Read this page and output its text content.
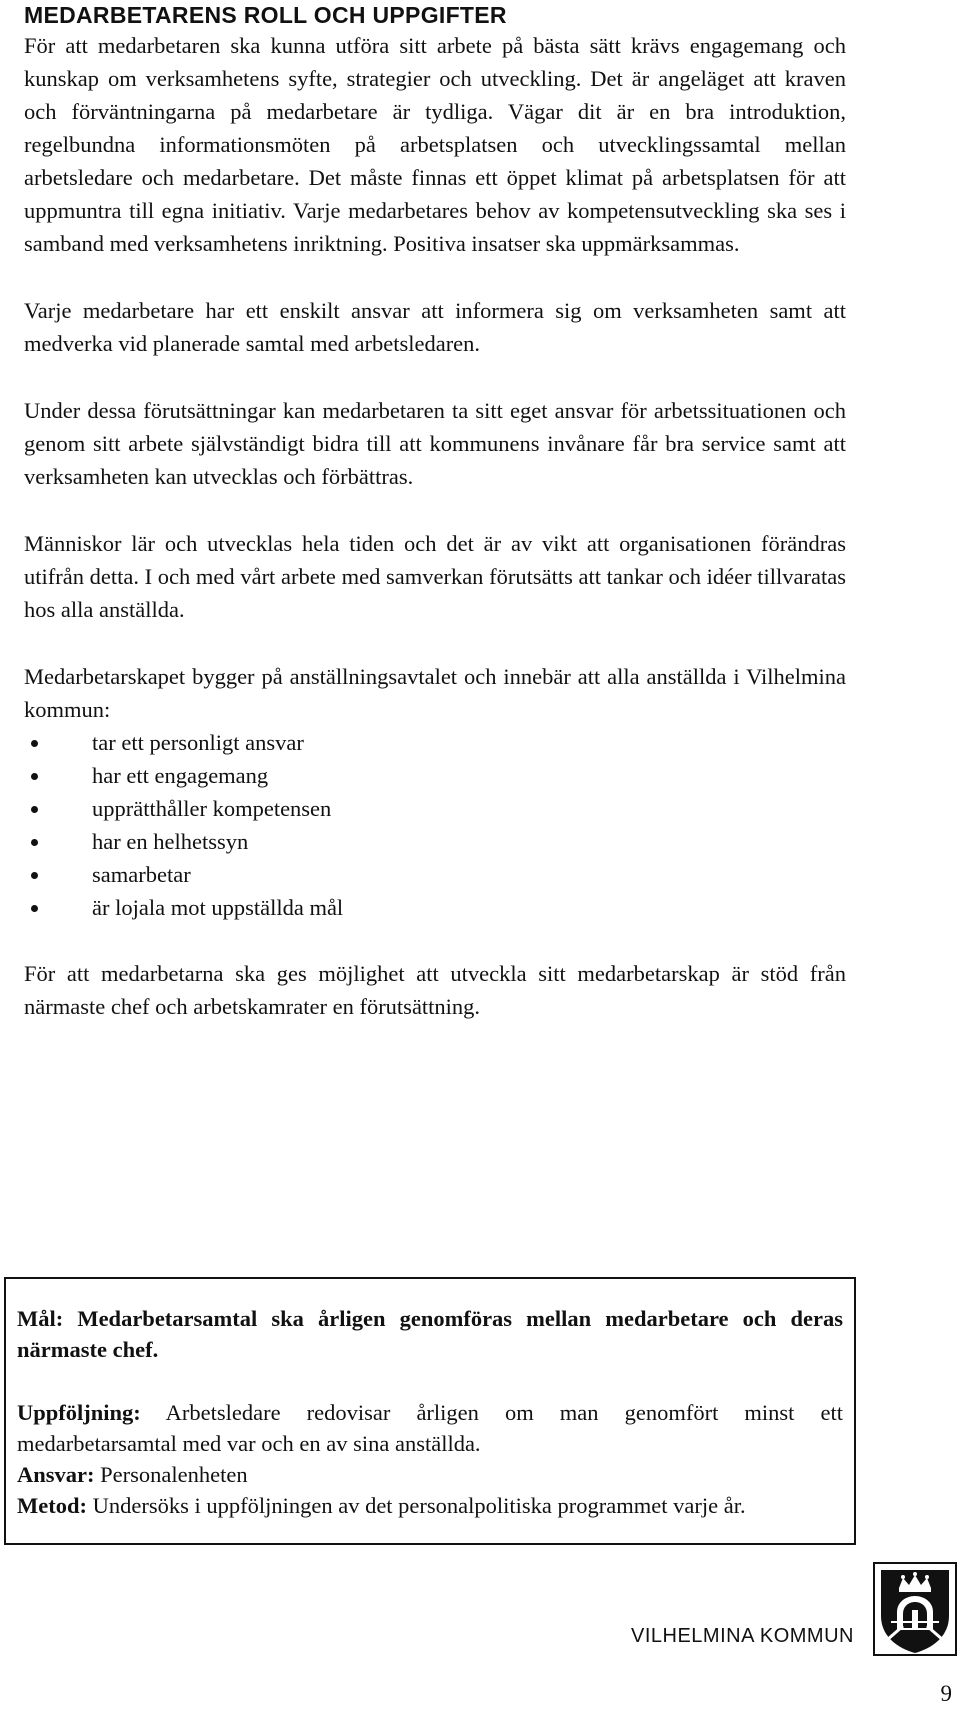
MEDARBETARENS ROLL OCH UPPGIFTER

För att medarbetaren ska kunna utföra sitt arbete på bästa sätt krävs engagemang och kunskap om verksamhetens syfte, strategier och utveckling. Det är angeläget att kraven och förväntningarna på medarbetare är tydliga. Vägar dit är en bra introduktion, regelbundna informationsmöten på arbetsplatsen och utvecklingssamtal mellan arbetsledare och medarbetare. Det måste finnas ett öppet klimat på arbetsplatsen för att uppmuntra till egna initiativ. Varje medarbetares behov av kompetensutveckling ska ses i samband med verksamhetens inriktning. Positiva insatser ska uppmärksammas.

Varje medarbetare har ett enskilt ansvar att informera sig om verksamheten samt att medverka vid planerade samtal med arbetsledaren.

Under dessa förutsättningar kan medarbetaren ta sitt eget ansvar för arbetssituationen och genom sitt arbete självständigt bidra till att kommunens invånare får bra service samt att verksamheten kan utvecklas och förbättras.

Människor lär och utvecklas hela tiden och det är av vikt att organisationen förändras utifrån detta. I och med vårt arbete med samverkan förutsätts att tankar och idéer tillvaratas hos alla anställda.

Medarbetarskapet bygger på anställningsavtalet och innebär att alla anställda i Vilhelmina kommun:

tar ett personligt ansvar
har ett engagemang
upprätthåller kompetensen
har en helhetssyn
samarbetar
är lojala mot uppställda mål

För att medarbetarna ska ges möjlighet att utveckla sitt medarbetarskap är stöd från närmaste chef och arbetskamrater en förutsättning.

Mål: Medarbetarsamtal ska årligen genomföras mellan medarbetare och deras närmaste chef.

Uppföljning: Arbetsledare redovisar årligen om man genomfört minst ett medarbetarsamtal med var och en av sina anställda.

Ansvar: Personalenheten

Metod: Undersöks i uppföljningen av det personalpolitiska programmet varje år.

VILHELMINA KOMMUN
9
